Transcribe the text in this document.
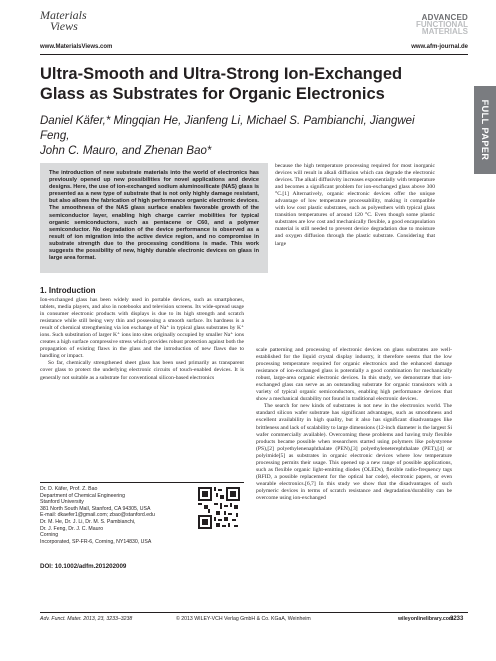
Materials
Views
www.MaterialsViews.com
ADVANCED
FUNCTIONAL
MATERIALS
www.afm-journal.de
FULL PAPER
Ultra-Smooth and Ultra-Strong Ion-Exchanged Glass as Substrates for Organic Electronics
Daniel Käfer,* Mingqian He, Jianfeng Li, Michael S. Pambianchi, Jiangwei Feng,
John C. Mauro, and Zhenan Bao*
The introduction of new substrate materials into the world of electronics has previously opened up new possibilities for novel applications and device designs. Here, the use of ion-exchanged sodium aluminosilicate (NAS) glass is presented as a new type of substrate that is not only highly damage resistant, but also allows the fabrication of high performance organic electronic devices. The smoothness of the NAS glass surface enables favorable growth of the semiconductor layer, enabling high charge carrier mobilities for typical organic semiconductors, such as pentacene or C60, and a polymer semiconductor. No degradation of the device performance is observed as a result of ion migration into the active device region, and no compromise in substrate strength due to the processing conditions is made. This work suggests the possibility of new, highly durable electronic devices on glass in large area format.

because the high temperature processing required for most inorganic devices will result in alkali diffusion which can degrade the electronic devices. The alkali diffusivity increases exponentially with temperature and becomes a significant problem for ion-exchanged glass above 300 °C.[1] Alternatively, organic electronic devices offer the unique advantage of low temperature processability, making it compatible with low cost plastic substrates, such as polyesthers with typical glass transition temperatures of around 120 °C. Even though some plastic substrates are low cost and mechanically flexible, a good encapsulation material is still needed to prevent device degradation due to moisture and oxygen diffusion through the plastic substrate. Considering that large

1. Introduction

Ion-exchanged glass has been widely used in portable devices, such as smartphones, tablets, media players, and also in notebooks and television screens. Its wide-spread usage in consumer electronic products with displays is due to its high strength and scratch resistance while still being very thin and possessing a smooth surface. Its hardness is a result of chemical strengthening via ion exchange of Na⁺ in typical glass substrates by K⁺ ions. Such substitution of larger K⁺ ions into sites originally occupied by smaller Na⁺ ions creates a high surface compressive stress which provides robust protection against both the propagation of existing flaws in the glass and the introduction of new flaws due to handling or impact.

So far, chemically strengthened sheet glass has been used primarily as transparent cover glass to protect the underlying electronic circuits of touch-enabled devices. It is generally not suitable as a substrate for conventional silicon-based electronics

scale patterning and processing of electronic devices on glass substrates are well-established for the liquid crystal display industry, it therefore seems that the low processing temperature required for organic electronics and the enhanced damage resistance of ion-exchanged glass is potentially a good combination for mechanically robust, large-area organic electronic devices. In this study, we demonstrate that ion-exchanged glass can serve as an outstanding substrate for organic transistors with a variety of typical organic semiconductors, enabling high performance devices that show a mechanical durability not found in traditional electronic devices.

The search for new kinds of substrates is not new in the electronics world. The standard silicon wafer substrate has significant advantages, such as smoothness and excellent availability in high quality, but it also has significant disadvantages like brittleness and lack of scalability to large dimensions (12-inch diameter is the largest Si wafer commercially available). Overcoming these problems and having truly flexible products became possible when researchers started using polymers like polystyrene (PS),[2] polyethylenenaphthalate (PEN),[3] polyethyleneterephthalate (PET),[4] or polyimide[5] as substrates in organic electronic devices where low temperature processing permits their usage. This opened up a new range of possible applications, such as flexible organic light-emitting diodes (OLEDs), flexible radio-frequency tags (RFID, a possible replacement for the optical bar code), electronic papers, or even wearable electronics.[6,7] In this study we show that the disadvantages of such polymeric devices in terms of scratch resistance and degradation/durability can be overcome using ion-exchanged

Dr. D. Käfer, Prof. Z. Bao

Department of Chemical Engineering

Stanford University

381 North South Mall, Stanford, CA 94305, USA

E-mail: dkaefer1@gmail.com; zbao@stanford.edu

Dr. M. He, Dr. J. Li, Dr. M. S. Pambianchi,

Dr. J. Feng, Dr. J. C. Mauro

Corning

Incorporated, SP-FR-6, Corning, NY14830, USA

DOI: 10.1002/adfm.201202009
Adv. Funct. Mater. 2013, 23, 3233–3238	© 2013 WILEY-VCH Verlag GmbH & Co. KGaA, Weinheim	wileyonlinelibrary.com
3233
